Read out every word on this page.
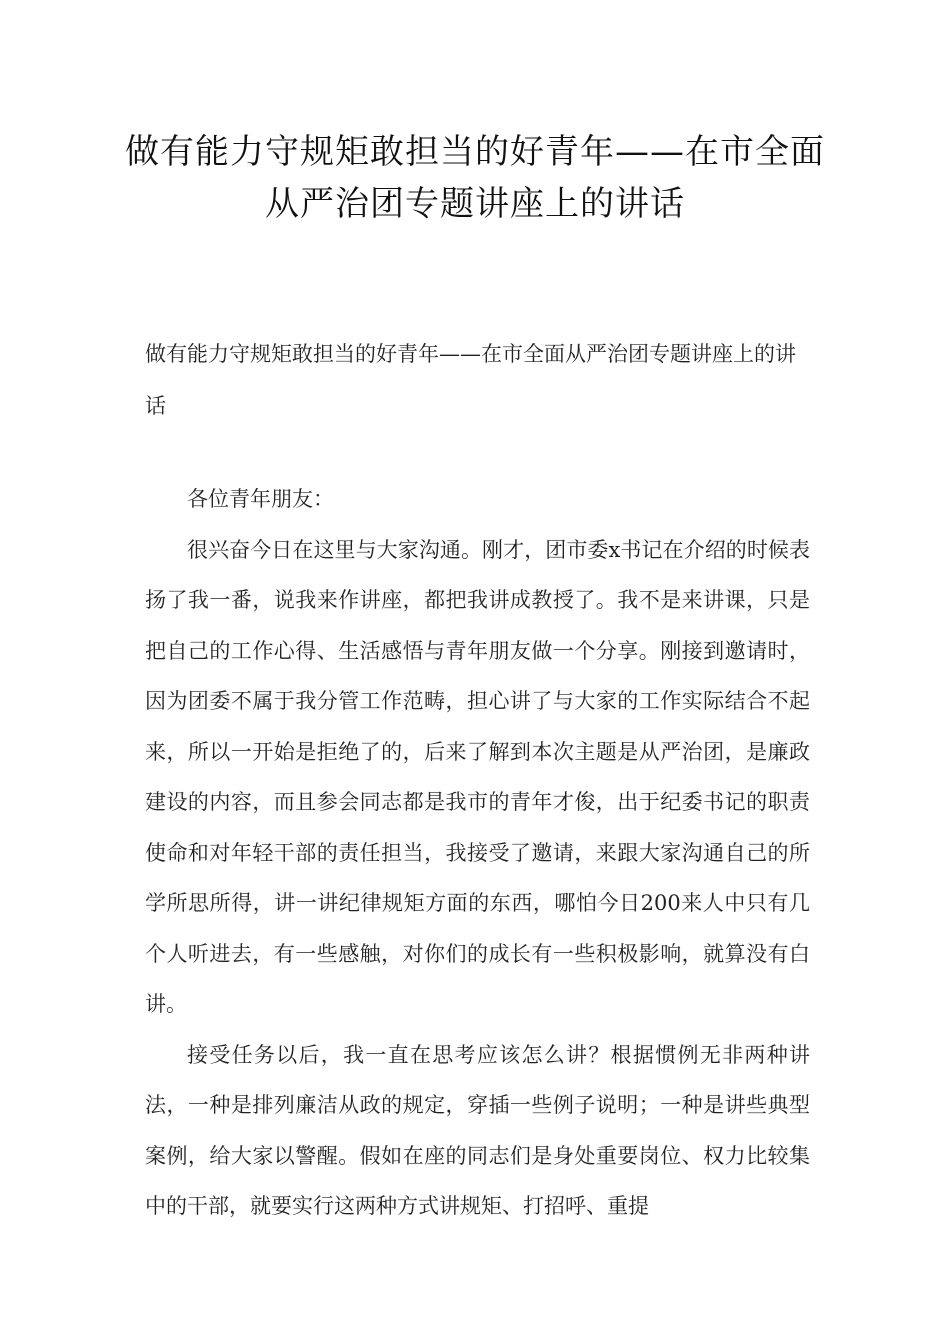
做有能力守规矩敢担当的好青年——在市全面从严治团专题讲座上的讲话

做有能力守规矩敢担当的好青年——在市全面从严治团专题讲座上的讲话

各位青年朋友：

很兴奋今日在这里与大家沟通。刚才，团市委x书记在介绍的时候表扬了我一番，说我来作讲座，都把我讲成教授了。我不是来讲课，只是把自己的工作心得、生活感悟与青年朋友做一个分享。刚接到邀请时，因为团委不属于我分管工作范畴，担心讲了与大家的工作实际结合不起来，所以一开始是拒绝了的，后来了解到本次主题是从严治团，是廉政建设的内容，而且参会同志都是我市的青年才俊，出于纪委书记的职责使命和对年轻干部的责任担当，我接受了邀请，来跟大家沟通自己的所学所思所得，讲一讲纪律规矩方面的东西，哪怕今日200来人中只有几个人听进去，有一些感触，对你们的成长有一些积极影响，就算没有白讲。

接受任务以后，我一直在思考应该怎么讲？根据惯例无非两种讲法，一种是排列廉洁从政的规定，穿插一些例子说明；一种是讲些典型案例，给大家以警醒。假如在座的同志们是身处重要岗位、权力比较集中的干部，就要实行这两种方式讲规矩、打招呼、重提
